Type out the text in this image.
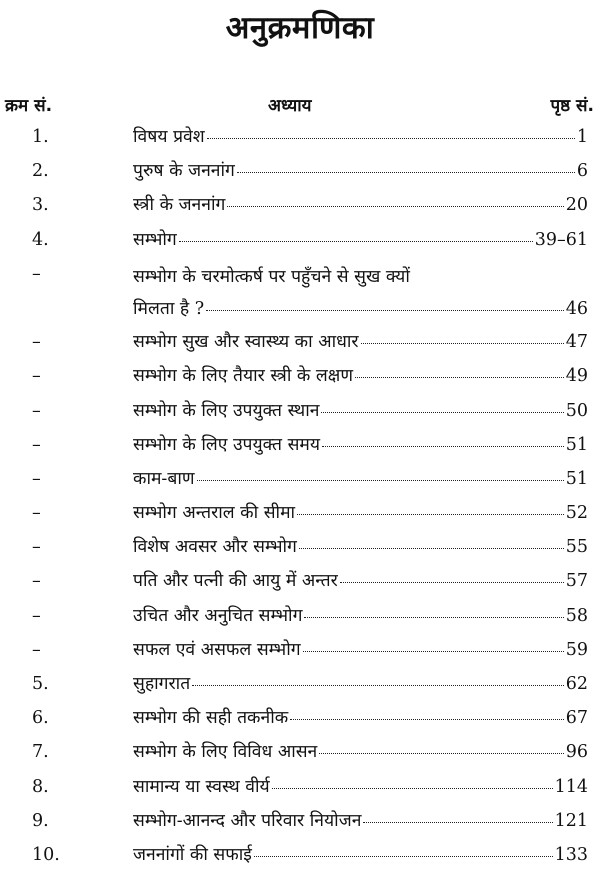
अनुक्रमणिका
क्रम सं.	अध्याय	पृष्ठ सं.
1.	विषय प्रवेश	1
2.	पुरुष के जननांग	6
3.	स्त्री के जननांग	20
4.	सम्भोग	39–61
–	सम्भोग के चरमोत्कर्ष पर पहुँचने से सुख क्यों
मिलता है ?	46
–	सम्भोग सुख और स्वास्थ्य का आधार	47
–	सम्भोग के लिए तैयार स्त्री के लक्षण	49
–	सम्भोग के लिए उपयुक्त स्थान	50
–	सम्भोग के लिए उपयुक्त समय	51
–	काम-बाण	51
–	सम्भोग अन्तराल की सीमा	52
–	विशेष अवसर और सम्भोग	55
–	पति और पत्नी की आयु में अन्तर	57
–	उचित और अनुचित सम्भोग	58
–	सफल एवं असफल सम्भोग	59
5.	सुहागरात	62
6.	सम्भोग की सही तकनीक	67
7.	सम्भोग के लिए विविध आसन	96
8.	सामान्य या स्वस्थ वीर्य	114
9.	सम्भोग-आनन्द और परिवार नियोजन	121
10.	जननांगों की सफाई	133
